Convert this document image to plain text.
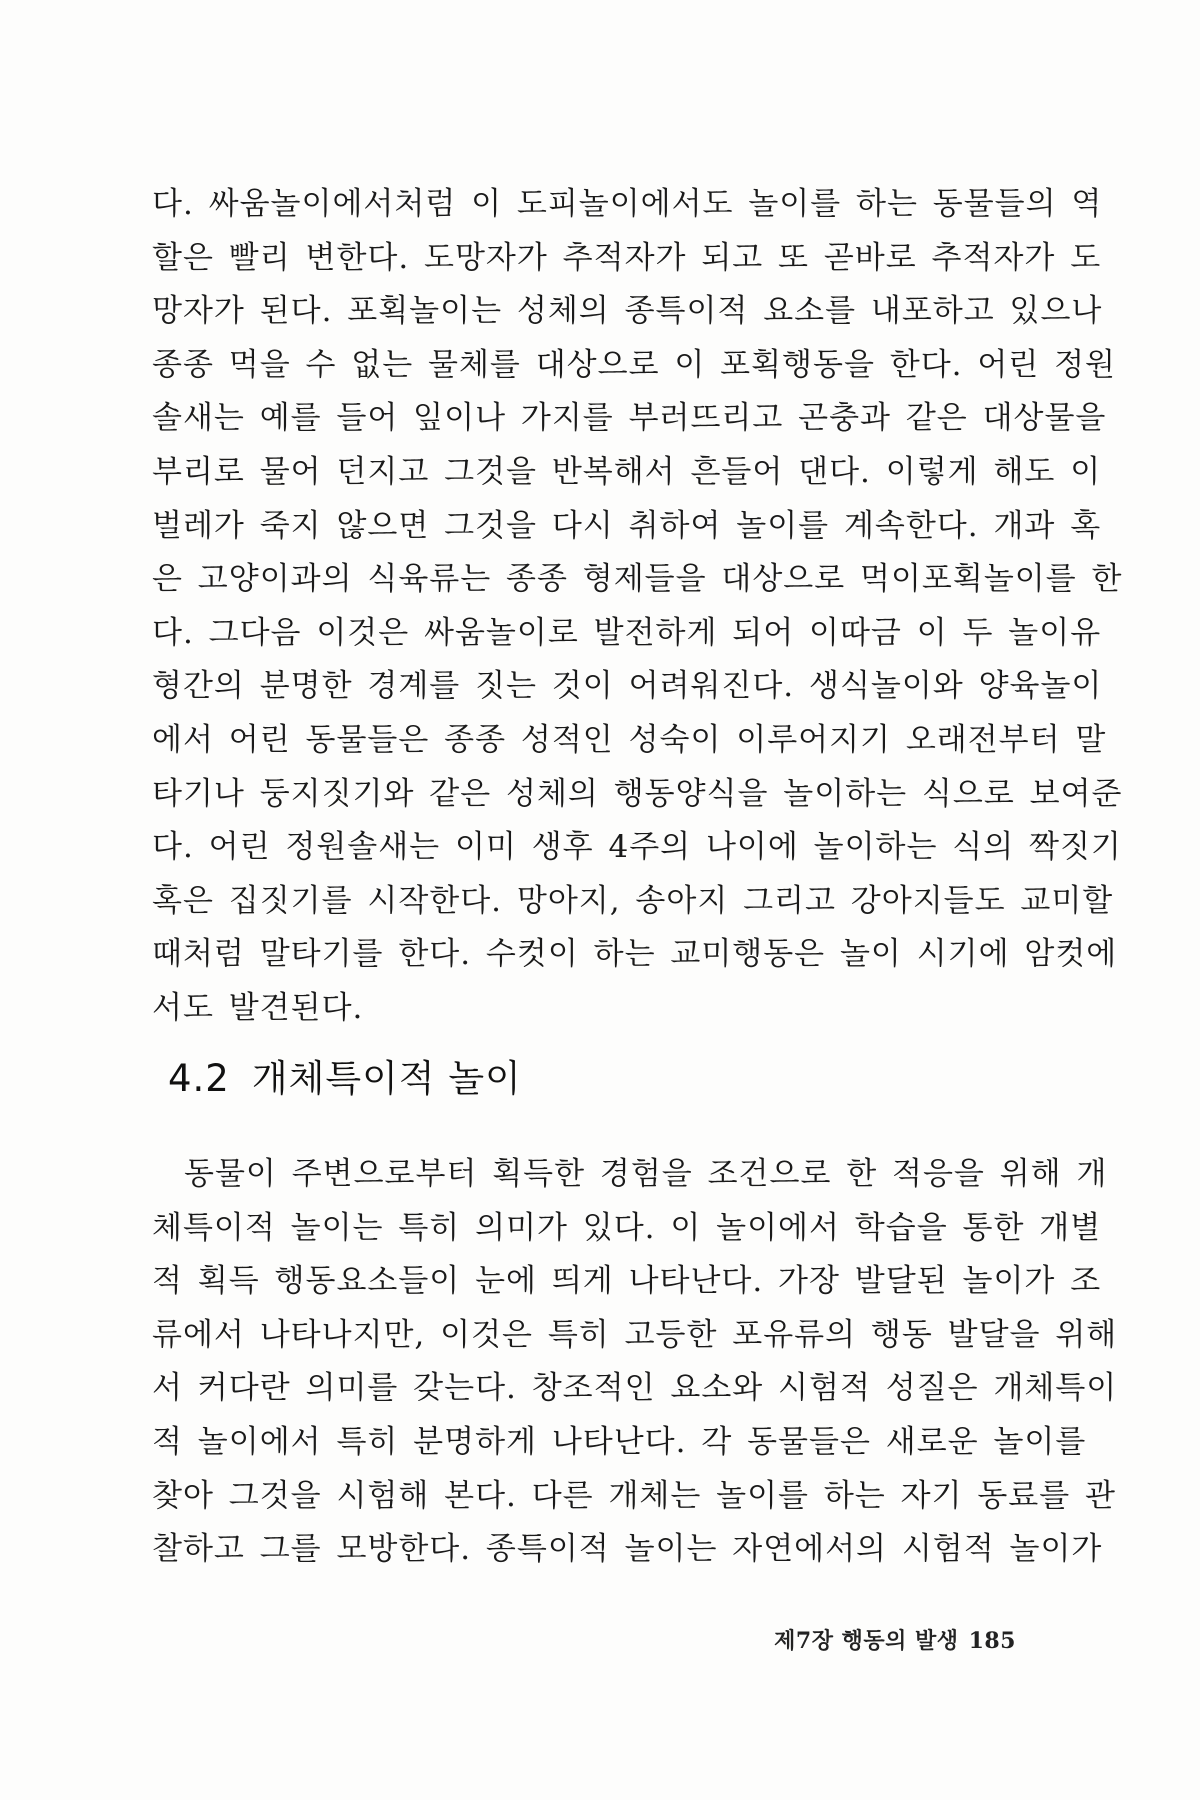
다. 싸움놀이에서처럼 이 도피놀이에서도 놀이를 하는 동물들의 역
할은 빨리 변한다. 도망자가 추적자가 되고 또 곧바로 추적자가 도
망자가 된다. 포획놀이는 성체의 종특이적 요소를 내포하고 있으나
종종 먹을 수 없는 물체를 대상으로 이 포획행동을 한다. 어린 정원
솔새는 예를 들어 잎이나 가지를 부러뜨리고 곤충과 같은 대상물을
부리로 물어 던지고 그것을 반복해서 흔들어 댄다. 이렇게 해도 이
벌레가 죽지 않으면 그것을 다시 취하여 놀이를 계속한다. 개과 혹
은 고양이과의 식육류는 종종 형제들을 대상으로 먹이포획놀이를 한
다. 그다음 이것은 싸움놀이로 발전하게 되어 이따금 이 두 놀이유
형간의 분명한 경계를 짓는 것이 어려워진다. 생식놀이와 양육놀이
에서 어린 동물들은 종종 성적인 성숙이 이루어지기 오래전부터 말
타기나 둥지짓기와 같은 성체의 행동양식을 놀이하는 식으로 보여준
다. 어린 정원솔새는 이미 생후 4주의 나이에 놀이하는 식의 짝짓기
혹은 집짓기를 시작한다. 망아지, 송아지 그리고 강아지들도 교미할
때처럼 말타기를 한다. 수컷이 하는 교미행동은 놀이 시기에 암컷에
서도 발견된다.
4.2 개체특이적 놀이
동물이 주변으로부터 획득한 경험을 조건으로 한 적응을 위해 개
체특이적 놀이는 특히 의미가 있다. 이 놀이에서 학습을 통한 개별
적 획득 행동요소들이 눈에 띄게 나타난다. 가장 발달된 놀이가 조
류에서 나타나지만, 이것은 특히 고등한 포유류의 행동 발달을 위해
서 커다란 의미를 갖는다. 창조적인 요소와 시험적 성질은 개체특이
적 놀이에서 특히 분명하게 나타난다. 각 동물들은 새로운 놀이를
찾아 그것을 시험해 본다. 다른 개체는 놀이를 하는 자기 동료를 관
찰하고 그를 모방한다. 종특이적 놀이는 자연에서의 시험적 놀이가
제7장 행동의 발생 185
